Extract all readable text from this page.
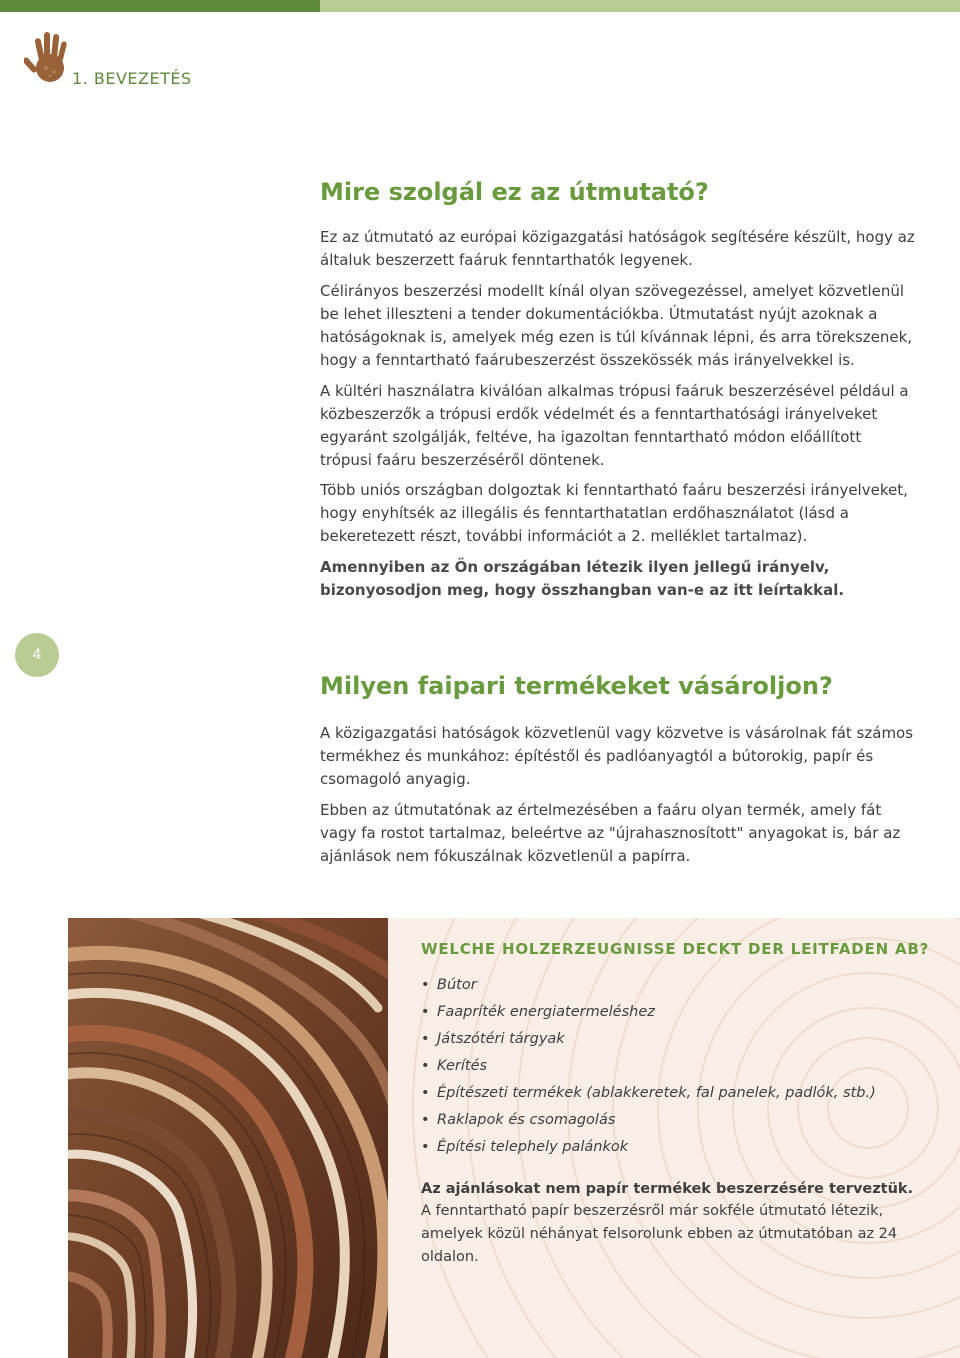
1. BEVEZETÉS
Mire szolgál ez az útmutató?

Ez az útmutató az európai közigazgatási hatóságok segítésére készült, hogy az általuk beszerzett faáruk fenntarthatók legyenek.

Célirányos beszerzési modellt kínál olyan szövegezéssel, amelyet közvetlenül be lehet illeszteni a tender dokumentációkba. Útmutatást nyújt azoknak a hatóságoknak is, amelyek még ezen is túl kívánnak lépni, és arra törekszenek, hogy a fenntartható faárubeszerzést összekössék más irányelvekkel is.

A kültéri használatra kiválóan alkalmas trópusi faáruk beszerzésével például a közbeszerzők a trópusi erdők védelmét és a fenntarthatósági irányelveket egyaránt szolgálják, feltéve, ha igazoltan fenntartható módon előállított trópusi faáru beszerzéséről döntenek.

Több uniós országban dolgoztak ki fenntartható faáru beszerzési irányelveket, hogy enyhítsék az illegális és fenntarthatatlan erdőhasználatot (lásd a bekeretezett részt, további információt a 2. melléklet tartalmaz).

Amennyiben az Ön országában létezik ilyen jellegű irányelv, bizonyosodjon meg, hogy összhangban van-e az itt leírtakkal.

4
Milyen faipari termékeket vásároljon?

A közigazgatási hatóságok közvetlenül vagy közvetve is vásárolnak fát számos termékhez és munkához: építéstől és padlóanyagtól a bútorokig, papír és csomagoló anyagig.

Ebben az útmutatónak az értelmezésében a faáru olyan termék, amely fát vagy fa rostot tartalmaz, beleértve az "újrahasznosított" anyagokat is, bár az ajánlások nem fókuszálnak közvetlenül a papírra.

WELCHE HOLZERZEUGNISSE DECKT DER LEITFADEN AB?
• Bútor
• Faapríték energiatermeléshez
• Játszótéri tárgyak
• Kerítés
• Építészeti termékek (ablakkeretek, fal panelek, padlók, stb.)
• Raklapok és csomagolás
• Építési telephely palánkok
Az ajánlásokat nem papír termékek beszerzésére terveztük.
A fenntartható papír beszerzésről már sokféle útmutató létezik, amelyek közül néhányat felsorolunk ebben az útmutatóban az 24 oldalon.
